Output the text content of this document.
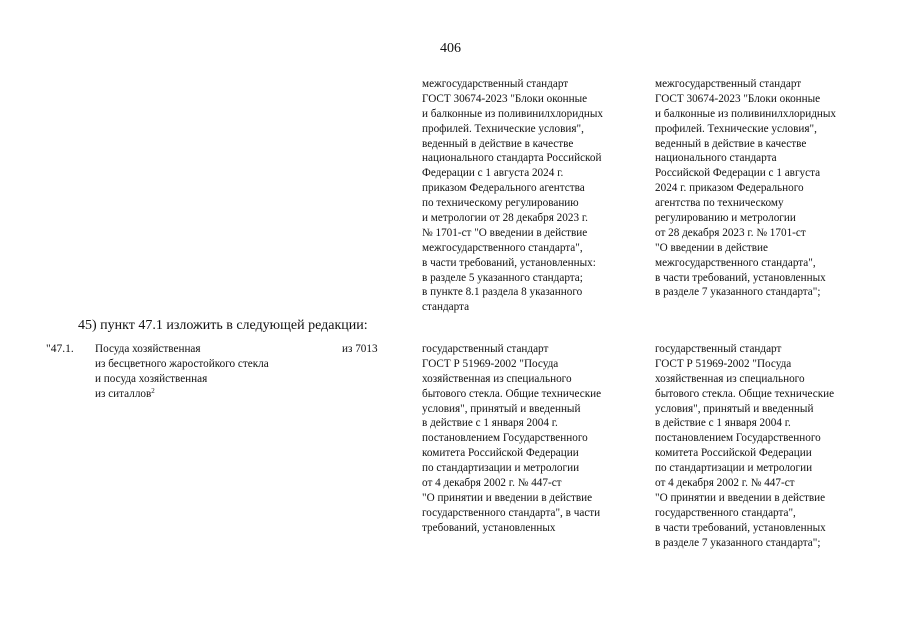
406
межгосударственный стандарт
ГОСТ 30674-2023 "Блоки оконные
и балконные из поливинилхлоридных
профилей. Технические условия",
веденный в действие в качестве
национального стандарта Российской
Федерации с 1 августа 2024 г.
приказом Федерального агентства
по техническому регулированию
и метрологии от 28 декабря 2023 г.
№ 1701-ст "О введении в действие
межгосударственного стандарта",
в части требований, установленных:
в разделе 5 указанного стандарта;
в пункте 8.1 раздела 8 указанного
стандарта
межгосударственный стандарт
ГОСТ 30674-2023 "Блоки оконные
и балконные из поливинилхлоридных
профилей. Технические условия",
веденный в действие в качестве
национального стандарта
Российской Федерации с 1 августа
2024 г. приказом Федерального
агентства по техническому
регулированию и метрологии
от 28 декабря 2023 г. № 1701-ст
"О введении в действие
межгосударственного стандарта",
в части требований, установленных
в разделе 7 указанного стандарта";
45) пункт 47.1 изложить в следующей редакции:
"47.1. Посуда хозяйственная
из бесцветного жаростойкого стекла
и посуда хозяйственная
из ситаллов$^2$
из 7013	государственный стандарт
ГОСТ Р 51969-2002 "Посуда
хозяйственная из специального
бытового стекла. Общие технические
условия", принятый и введенный
в действие с 1 января 2004 г.
постановлением Государственного
комитета Российской Федерации
по стандартизации и метрологии
от 4 декабря 2002 г. № 447-ст
"О принятии и введении в действие
государственного стандарта", в части
требований, установленных
государственный стандарт
ГОСТ Р 51969-2002 "Посуда
хозяйственная из специального
бытового стекла. Общие технические
условия", принятый и введенный
в действие с 1 января 2004 г.
постановлением Государственного
комитета Российской Федерации
по стандартизации и метрологии
от 4 декабря 2002 г. № 447-ст
"О принятии и введении в действие
государственного стандарта",
в части требований, установленных
в разделе 7 указанного стандарта";
